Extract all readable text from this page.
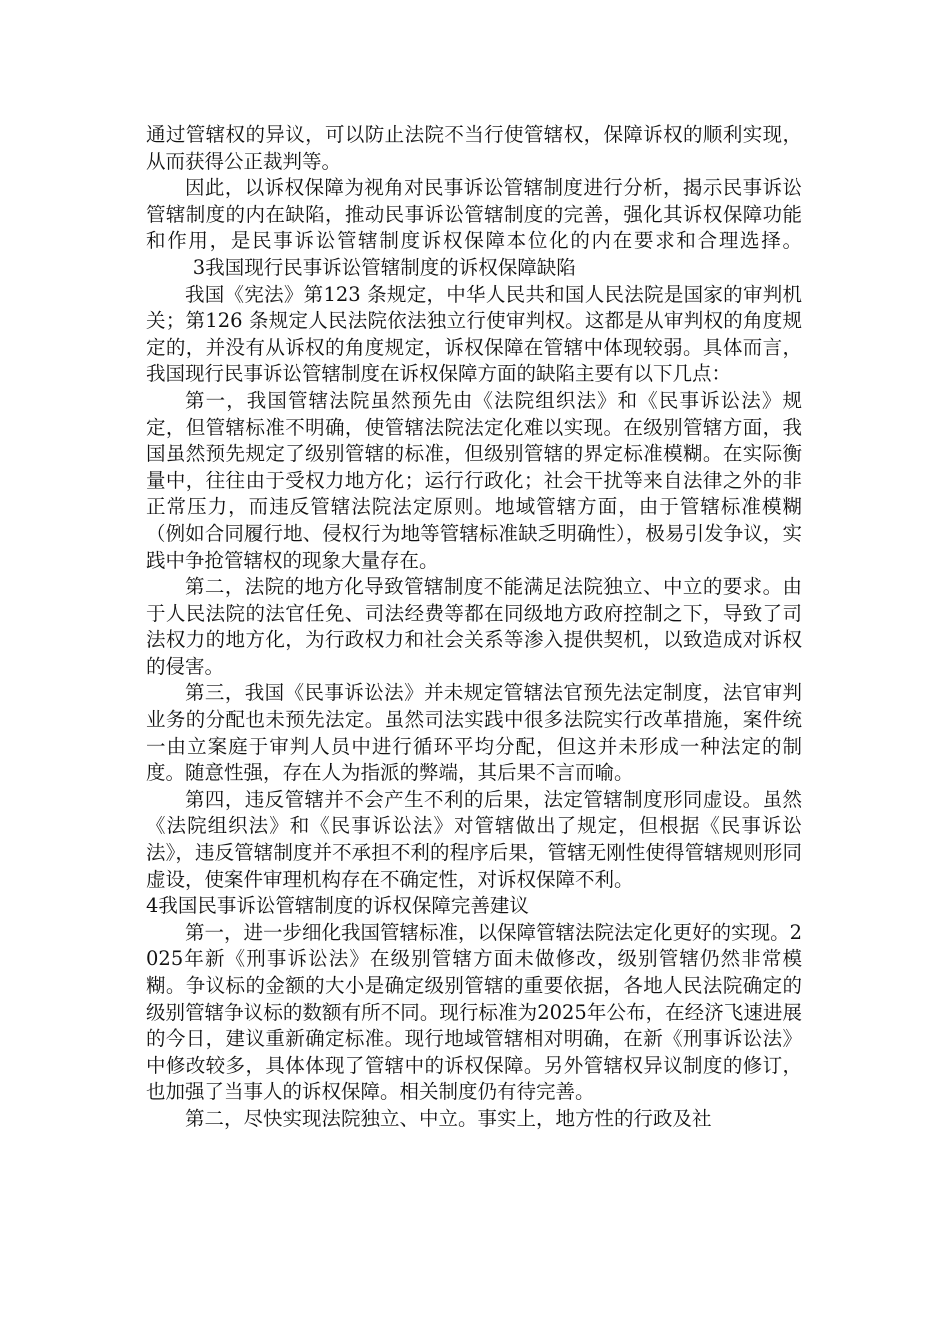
通过管辖权的异议，可以防止法院不当行使管辖权，保障诉权的顺利实现，从而获得公正裁判等。

因此，以诉权保障为视角对民事诉讼管辖制度进行分析，揭示民事诉讼管辖制度的内在缺陷，推动民事诉讼管辖制度的完善，强化其诉权保障功能和作用，是民事诉讼管辖制度诉权保障本位化的内在要求和合理选择。3我国现行民事诉讼管辖制度的诉权保障缺陷

我国《宪法》第123 条规定，中华人民共和国人民法院是国家的审判机关；第126 条规定人民法院依法独立行使审判权。这都是从审判权的角度规定的，并没有从诉权的角度规定，诉权保障在管辖中体现较弱。具体而言，我国现行民事诉讼管辖制度在诉权保障方面的缺陷主要有以下几点：

第一，我国管辖法院虽然预先由《法院组织法》和《民事诉讼法》规定，但管辖标准不明确，使管辖法院法定化难以实现。在级别管辖方面，我国虽然预先规定了级别管辖的标准，但级别管辖的界定标准模糊。在实际衡量中，往往由于受权力地方化；运行行政化；社会干扰等来自法律之外的非正常压力，而违反管辖法院法定原则。地域管辖方面，由于管辖标准模糊（例如合同履行地、侵权行为地等管辖标准缺乏明确性），极易引发争议，实践中争抢管辖权的现象大量存在。

第二，法院的地方化导致管辖制度不能满足法院独立、中立的要求。由于人民法院的法官任免、司法经费等都在同级地方政府控制之下，导致了司法权力的地方化，为行政权力和社会关系等渗入提供契机，以致造成对诉权的侵害。

第三，我国《民事诉讼法》并未规定管辖法官预先法定制度，法官审判业务的分配也未预先法定。虽然司法实践中很多法院实行改革措施，案件统一由立案庭于审判人员中进行循环平均分配，但这并未形成一种法定的制度。随意性强，存在人为指派的弊端，其后果不言而喻。

第四，违反管辖并不会产生不利的后果，法定管辖制度形同虚设。虽然《法院组织法》和《民事诉讼法》对管辖做出了规定，但根据《民事诉讼法》，违反管辖制度并不承担不利的程序后果，管辖无刚性使得管辖规则形同虚设，使案件审理机构存在不确定性，对诉权保障不利。

4我国民事诉讼管辖制度的诉权保障完善建议

第一，进一步细化我国管辖标准，以保障管辖法院法定化更好的实现。2025年新《刑事诉讼法》在级别管辖方面未做修改，级别管辖仍然非常模糊。争议标的金额的大小是确定级别管辖的重要依据，各地人民法院确定的级别管辖争议标的数额有所不同。现行标准为2025年公布，在经济飞速进展的今日，建议重新确定标准。现行地域管辖相对明确，在新《刑事诉讼法》中修改较多，具体体现了管辖中的诉权保障。另外管辖权异议制度的修订，也加强了当事人的诉权保障。相关制度仍有待完善。

第二，尽快实现法院独立、中立。事实上，地方性的行政及社
